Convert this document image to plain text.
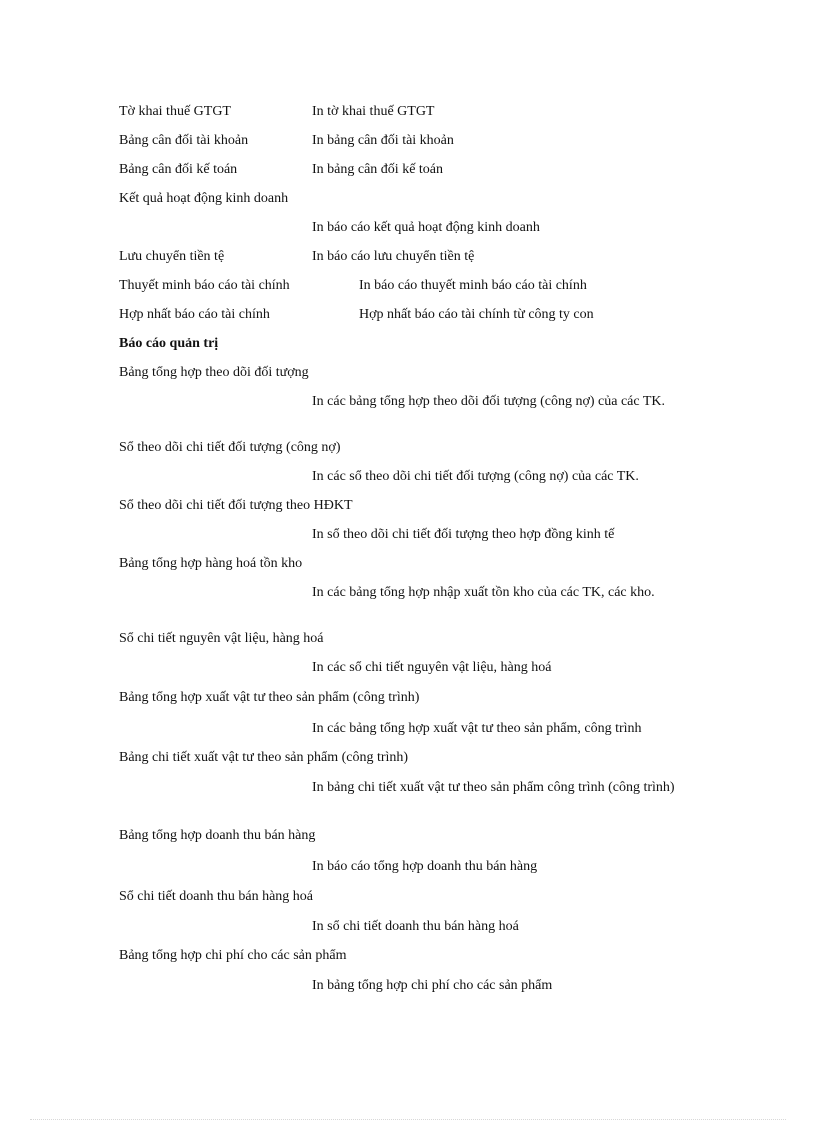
Tờ khai thuế GTGT	In tờ khai thuế GTGT
Bảng cân đối tài khoản	In bảng cân đối tài khoản
Bảng cân đối kế toán	In bảng cân đối kế toán
Kết quả hoạt động kinh doanh
In báo cáo kết quả hoạt động kinh doanh
Lưu chuyển tiền tệ	In báo cáo lưu chuyển tiền tệ
Thuyết minh báo cáo tài chính	In báo cáo thuyết minh báo cáo tài chính
Hợp nhất báo cáo tài chính	Hợp nhất báo cáo tài chính từ công ty con
Báo cáo quản trị
Bảng tổng hợp theo dõi đối tượng
In các bảng tổng hợp theo dõi đối tượng (công nợ) của các TK.
Sổ theo dõi chi tiết đối tượng (công nợ)
In các sổ theo dõi chi tiết đối tượng (công nợ) của các TK.
Sổ theo dõi chi tiết đối tượng theo HĐKT
In sổ theo dõi chi tiết đối tượng theo hợp đồng kinh tế
Bảng tổng hợp hàng hoá tồn kho
In các bảng tổng hợp nhập xuất tồn kho của các TK, các kho.
Sổ chi tiết nguyên vật liệu, hàng hoá
In các sổ chi tiết nguyên vật liệu, hàng hoá
Bảng tổng hợp xuất vật tư theo sản phẩm (công trình)
In các bảng tổng hợp xuất vật tư theo sản phẩm, công trình
Bảng chi tiết xuất vật tư theo sản phẩm (công trình)
In bảng chi tiết xuất vật tư theo sản phẩm công trình (công trình)
Bảng tổng hợp doanh thu bán hàng
In báo cáo tổng hợp doanh thu bán hàng
Sổ chi tiết doanh thu bán hàng hoá
In sổ chi tiết doanh thu bán hàng hoá
Bảng tổng hợp chi phí cho các sản phẩm
In bảng tổng hợp chi phí cho các sản phẩm
